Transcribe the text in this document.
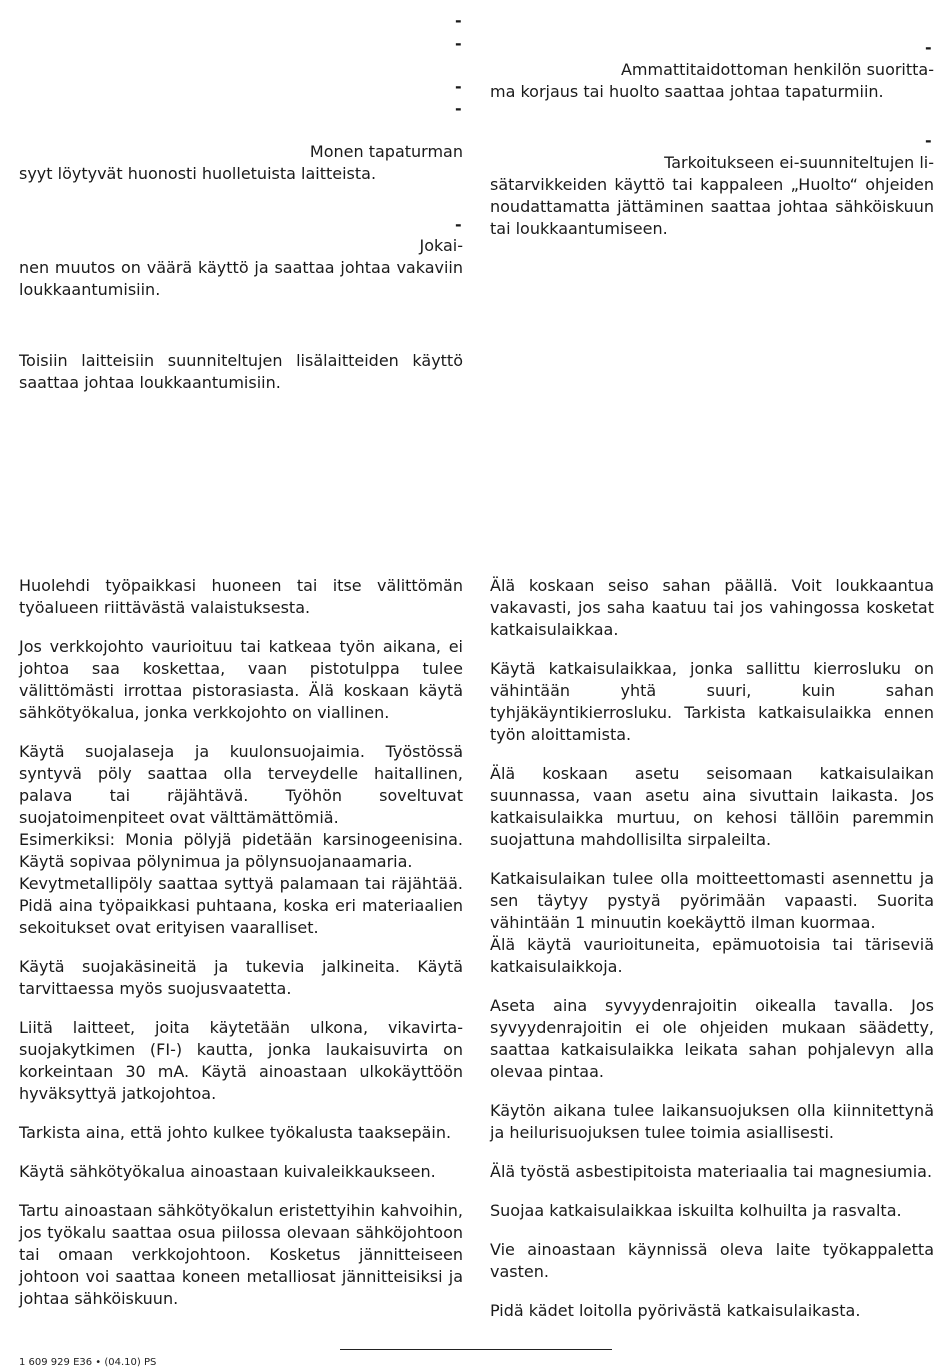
-
-
-
-
-
-
-
Monen tapaturman
syyt löytyvät huonosti huolletuista laitteista.
Jokai-
nen muutos on väärä käyttö ja saattaa johtaa vakaviin loukkaantumisiin.
Toisiin laitteisiin suunniteltujen lisälaitteiden käyttö saattaa johtaa loukkaantumisiin.
Ammattitaidottoman henkilön suoritta-
ma korjaus tai huolto saattaa johtaa tapaturmiin.
Tarkoitukseen ei-suunniteltujen li-
sätarvikkeiden käyttö tai kappaleen „Huolto“ ohjeiden noudattamatta jättäminen saattaa johtaa sähköiskuun tai loukkaantumiseen.

Huolehdi työpaikkasi huoneen tai itse välittömän työalueen riittävästä valaistuksesta.

Jos verkkojohto vaurioituu tai katkeaa työn aikana, ei johtoa saa koskettaa, vaan pistotulppa tulee välittömästi irrottaa pistorasiasta. Älä koskaan käytä sähkötyökalua, jonka verkkojohto on viallinen.

Käytä suojalaseja ja kuulonsuojaimia. Työstössä syntyvä pöly saattaa olla terveydelle haitallinen, palava tai räjähtävä. Työhön soveltuvat suojatoimenpiteet ovat välttämättömiä.

Esimerkiksi: Monia pölyjä pidetään karsinogeenisina. Käytä sopivaa pölynimua ja pölynsuojanaamaria.

Kevytmetallipöly saattaa syttyä palamaan tai räjähtää. Pidä aina työpaikkasi puhtaana, koska eri materiaalien sekoitukset ovat erityisen vaaralliset.

Käytä suojakäsineitä ja tukevia jalkineita. Käytä tarvittaessa myös suojusvaatetta.

Liitä laitteet, joita käytetään ulkona, vikavirta-suojakytkimen (FI-) kautta, jonka laukaisuvirta on korkeintaan 30 mA. Käytä ainoastaan ulkokäyttöön hyväksyttyä jatkojohtoa.

Tarkista aina, että johto kulkee työkalusta taaksepäin.

Käytä sähkötyökalua ainoastaan kuivaleikkaukseen.

Tartu ainoastaan sähkötyökalun eristettyihin kahvoihin, jos työkalu saattaa osua piilossa olevaan sähköjohtoon tai omaan verkkojohtoon. Kosketus jännitteiseen johtoon voi saattaa koneen metalliosat jännitteisiksi ja johtaa sähköiskuun.

Älä koskaan seiso sahan päällä. Voit loukkaantua vakavasti, jos saha kaatuu tai jos vahingossa kosketat katkaisulaikkaa.

Käytä katkaisulaikkaa, jonka sallittu kierrosluku on vähintään yhtä suuri, kuin sahan tyhjäkäyntikierrosluku. Tarkista katkaisulaikka ennen työn aloittamista.

Älä koskaan asetu seisomaan katkaisulaikan suunnassa, vaan asetu aina sivuttain laikasta. Jos katkaisulaikka murtuu, on kehosi tällöin paremmin suojattuna mahdollisilta sirpaleilta.

Katkaisulaikan tulee olla moitteettomasti asennettu ja sen täytyy pystyä pyörimään vapaasti. Suorita vähintään 1 minuutin koekäyttö ilman kuormaa.

Älä käytä vaurioituneita, epämuotoisia tai täriseviä katkaisulaikkoja.

Aseta aina syvyydenrajoitin oikealla tavalla. Jos syvyydenrajoitin ei ole ohjeiden mukaan säädetty, saattaa katkaisulaikka leikata sahan pohjalevyn alla olevaa pintaa.

Käytön aikana tulee laikansuojuksen olla kiinnitettynä ja heilurisuojuksen tulee toimia asiallisesti.

Älä työstä asbestipitoista materiaalia tai magnesiumia.

Suojaa katkaisulaikkaa iskuilta kolhuilta ja rasvalta.

Vie ainoastaan käynnissä oleva laite työkappaletta vasten.

Pidä kädet loitolla pyörivästä katkaisulaikasta.

1 609 929 E36 • (04.10) PS
